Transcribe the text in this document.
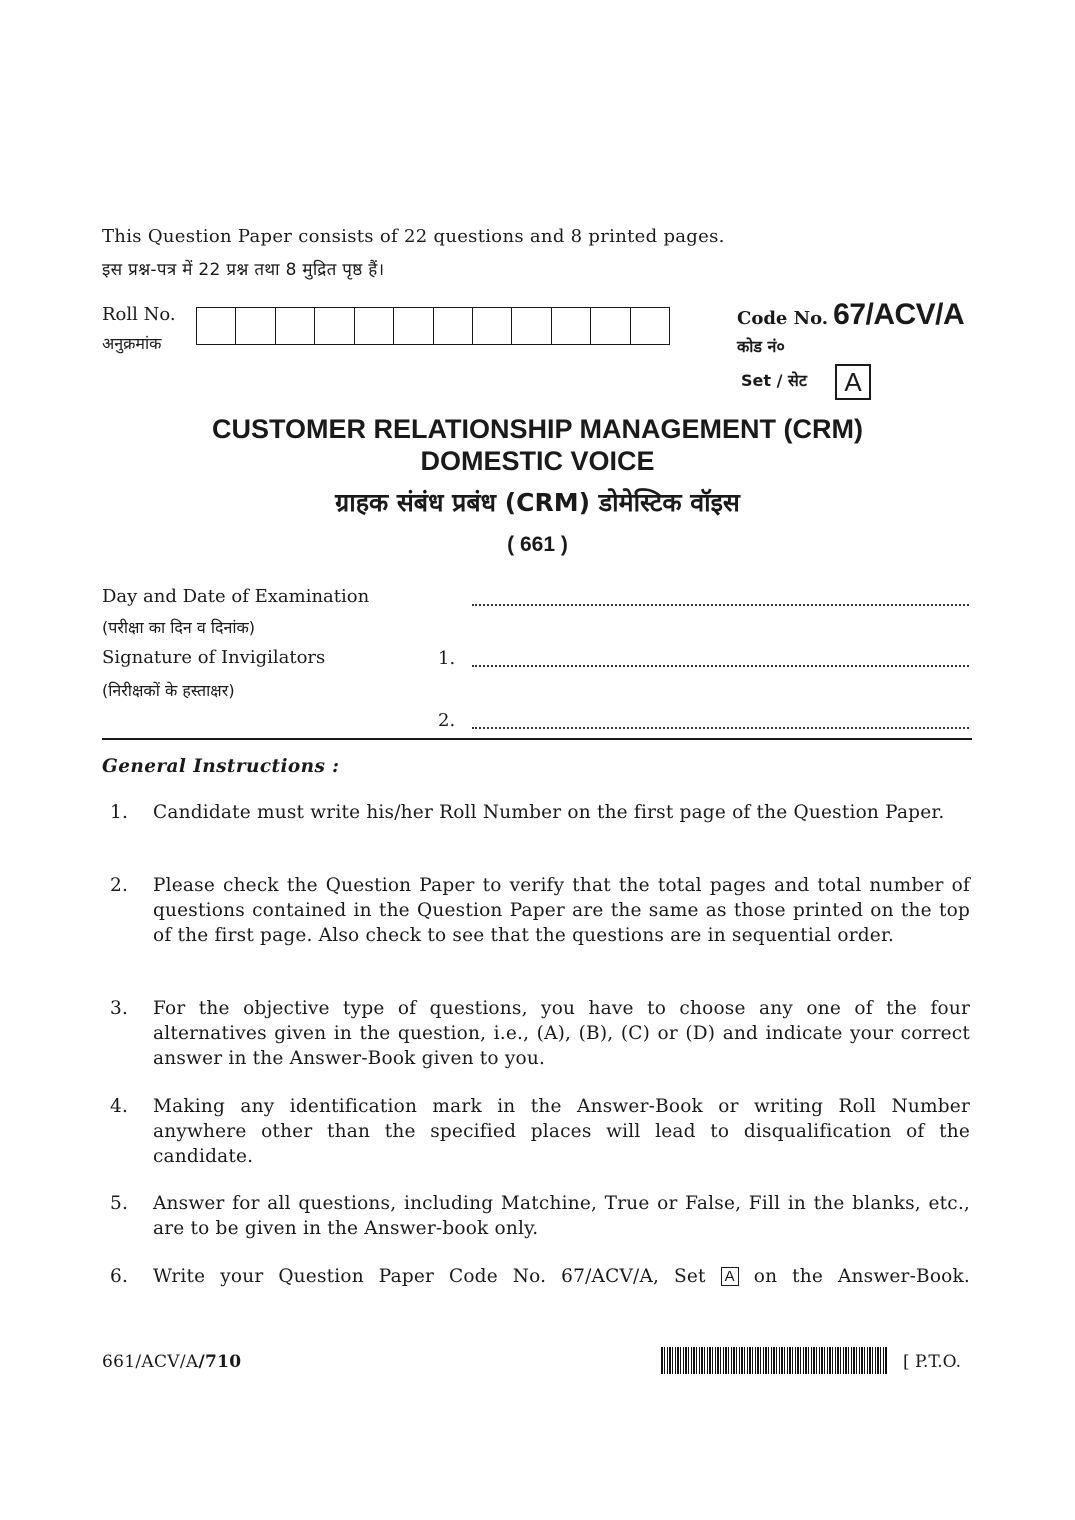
This Question Paper consists of 22 questions and 8 printed pages.
इस प्रश्न-पत्र में 22 प्रश्न तथा 8 मुद्रित पृष्ठ हैं।
Roll No.
अनुक्रमांक
Code No. 67/ACV/A
कोड नं०
Set / सेट	A
CUSTOMER RELATIONSHIP MANAGEMENT (CRM)
DOMESTIC VOICE
ग्राहक संबंध प्रबंध (CRM) डोमेस्टिक वॉइस
( 661 )
Day and Date of Examination
(परीक्षा का दिन व दिनांक)
Signature of Invigilators	1.
(निरीक्षकों के हस्ताक्षर)
2.
General Instructions :
1.	Candidate must write his/her Roll Number on the first page of the Question Paper.
2.	Please check the Question Paper to verify that the total pages and total number of questions contained in the Question Paper are the same as those printed on the top of the first page. Also check to see that the questions are in sequential order.
3.	For the objective type of questions, you have to choose any one of the four alternatives given in the question, i.e., (A), (B), (C) or (D) and indicate your correct answer in the Answer-Book given to you.
4.	Making any identification mark in the Answer-Book or writing Roll Number anywhere other than the specified places will lead to disqualification of the candidate.
5.	Answer for all questions, including Matchine, True or False, Fill in the blanks, etc., are to be given in the Answer-book only.
6.	Write your Question Paper Code No. 67/ACV/A, Set A on the Answer-Book.
661/ACV/A/710	[ P.T.O.
